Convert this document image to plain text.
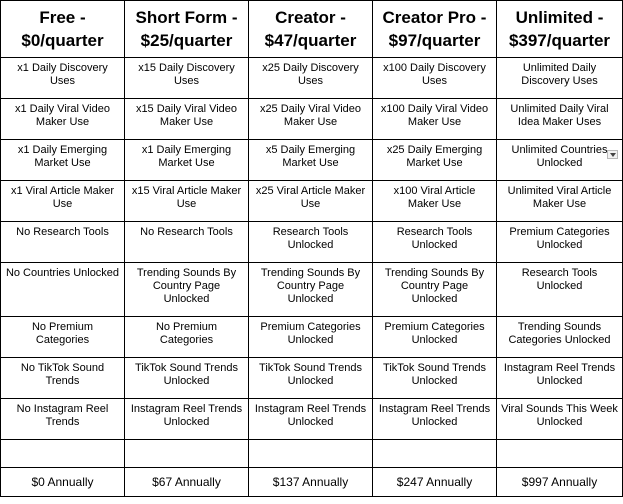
Free - $0/quarter	Short Form - $25/quarter	Creator - $47/quarter	Creator Pro - $97/quarter	Unlimited - $397/quarter
x1 Daily Discovery Uses	x15 Daily Discovery Uses	x25 Daily Discovery Uses	x100 Daily Discovery Uses	Unlimited Daily Discovery Uses
x1 Daily Viral Video Maker Use	x15 Daily Viral Video Maker Use	x25 Daily Viral Video Maker Use	x100 Daily Viral Video Maker Use	Unlimited Daily Viral Idea Maker Uses
x1 Daily Emerging Market Use	x1 Daily Emerging Market Use	x5 Daily Emerging Market Use	x25 Daily Emerging Market Use	Unlimited Countries Unlocked

x1 Viral Article Maker Use	x15 Viral Article Maker Use	x25 Viral Article Maker Use	x100 Viral Article Maker Use	Unlimited Viral Article Maker Use
No Research Tools	No Research Tools	Research Tools Unlocked	Research Tools Unlocked	Premium Categories Unlocked
No Countries Unlocked	Trending Sounds By Country Page Unlocked	Trending Sounds By Country Page Unlocked	Trending Sounds By Country Page Unlocked	Research Tools Unlocked
No Premium Categories	No Premium Categories	Premium Categories Unlocked	Premium Categories Unlocked	Trending Sounds Categories Unlocked
No TikTok Sound Trends	TikTok Sound Trends Unlocked	TikTok Sound Trends Unlocked	TikTok Sound Trends Unlocked	Instagram Reel Trends Unlocked
No Instagram Reel Trends	Instagram Reel Trends Unlocked	Instagram Reel Trends Unlocked	Instagram Reel Trends Unlocked	Viral Sounds This Week Unlocked

$0 Annually	$67 Annually	$137 Annually	$247 Annually	$997 Annually
